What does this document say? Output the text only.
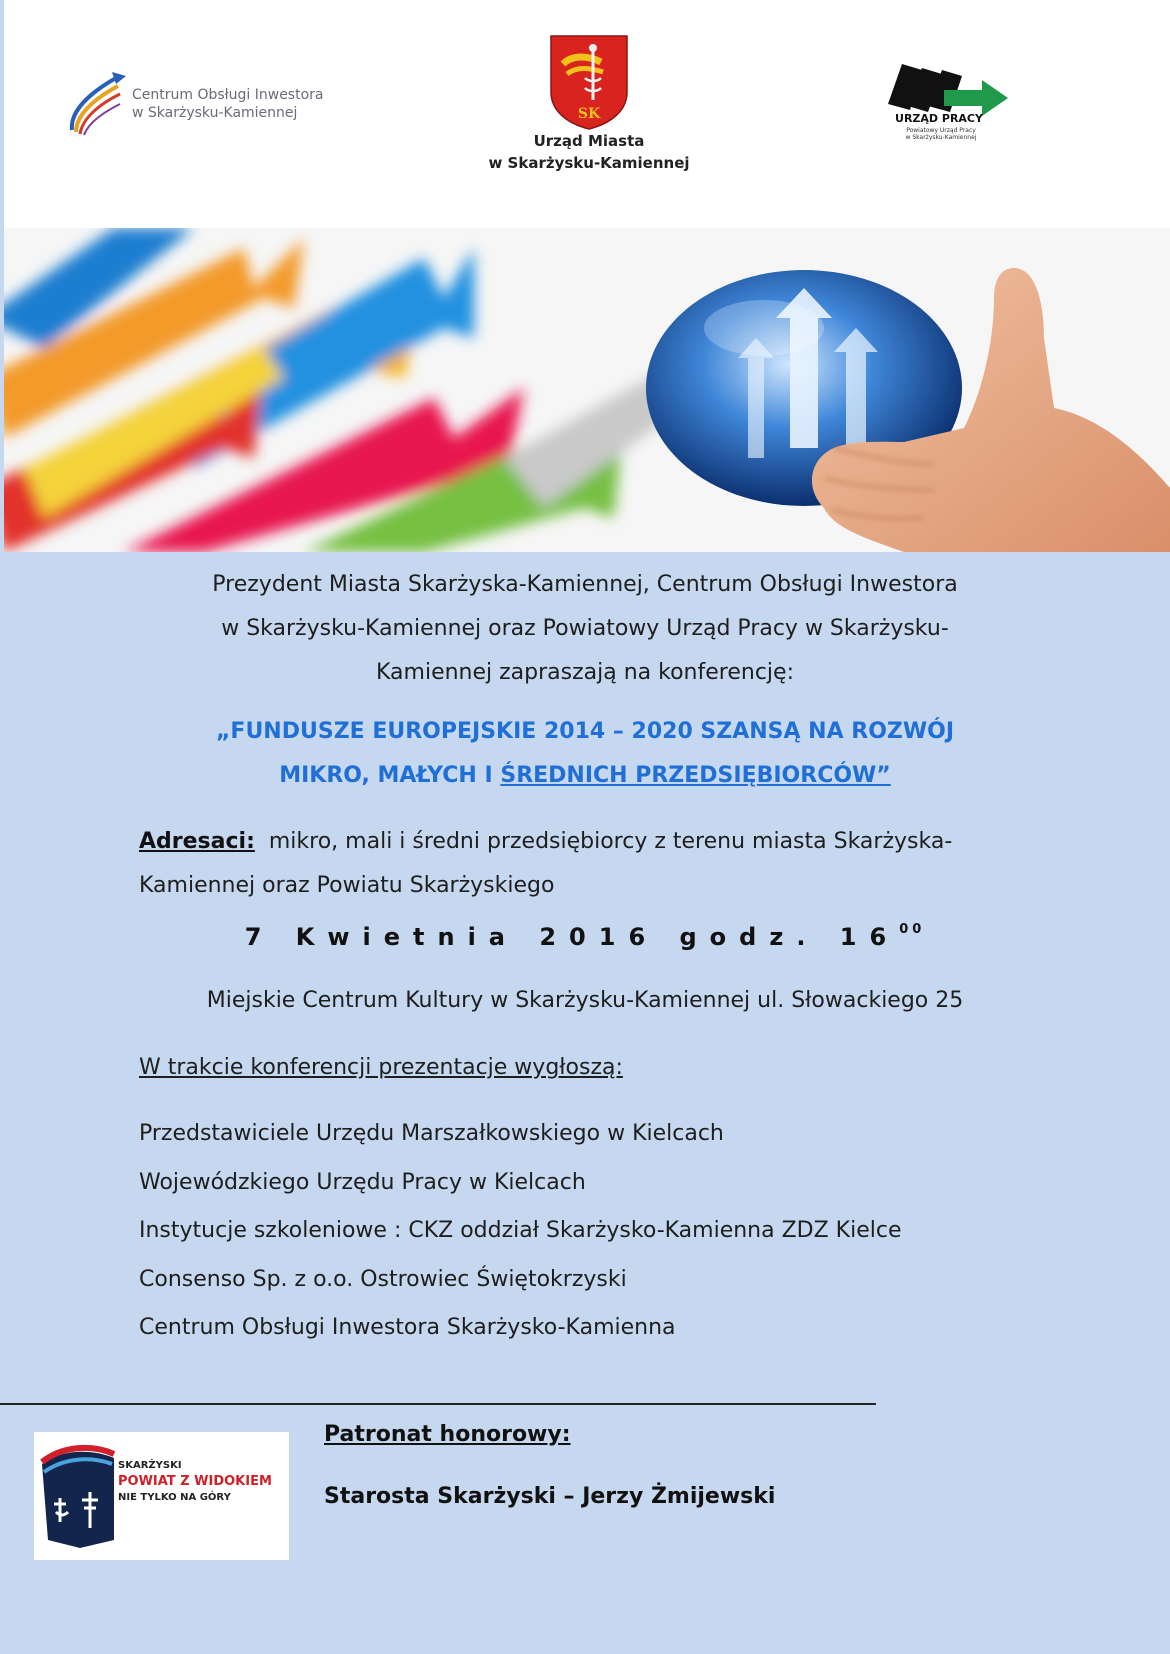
Centrum Obsługi Inwestora
w Skarżysku-Kamiennej	SK
Urząd Miasta
w Skarżysku-Kamiennej
URZĄD PRACY
Powiatowy Urząd Pracy
w Skarżysku-Kamiennej
Prezydent Miasta Skarżyska-Kamiennej, Centrum Obsługi Inwestora
w Skarżysku-Kamiennej oraz Powiatowy Urząd Pracy w Skarżysku-
Kamiennej zapraszają na konferencję:
„FUNDUSZE EUROPEJSKIE 2014 – 2020 SZANSĄ NA ROZWÓJ
MIKRO, MAŁYCH I ŚREDNICH PRZEDSIĘBIORCÓW”
Adresaci: mikro, mali i średni przedsiębiorcy z terenu miasta Skarżyska-
Kamiennej oraz Powiatu Skarżyskiego
7 Kwietnia 2016 godz. $16^{00}$
Miejskie Centrum Kultury w Skarżysku-Kamiennej ul. Słowackiego 25
W trakcie konferencji prezentacje wygłoszą:
Przedstawiciele Urzędu Marszałkowskiego w Kielcach
Wojewódzkiego Urzędu Pracy w Kielcach
Instytucje szkoleniowe : CKZ oddział Skarżysko-Kamienna ZDZ Kielce
Consenso Sp. z o.o. Ostrowiec Świętokrzyski
Centrum Obsługi Inwestora Skarżysko-Kamienna
SKARŻYSKI
POWIAT Z WIDOKIEM
NIE TYLKO NA GÓRY
Patronat honorowy:
Starosta Skarżyski – Jerzy Żmijewski
